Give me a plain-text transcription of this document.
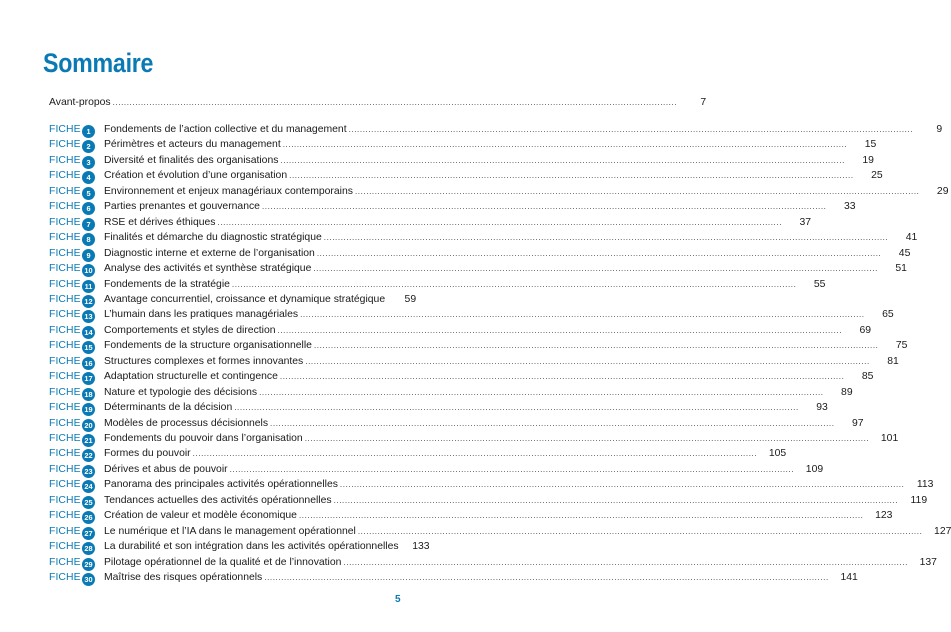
Sommaire
Avant-propos ........................................................................................................................................................................................................	7
FICHE 1	Fondements de l’action collective et du management ........................................................................................................................................................................................................	9
FICHE 2	Périmètres et acteurs du management ........................................................................................................................................................................................................	15
FICHE 3	Diversité et finalités des organisations ........................................................................................................................................................................................................	19
FICHE 4	Création et évolution d’une organisation ........................................................................................................................................................................................................	25
FICHE 5	Environnement et enjeux managériaux contemporains ........................................................................................................................................................................................................	29
FICHE 6	Parties prenantes et gouvernance ........................................................................................................................................................................................................	33
FICHE 7	RSE et dérives éthiques ........................................................................................................................................................................................................	37
FICHE 8	Finalités et démarche du diagnostic stratégique ........................................................................................................................................................................................................	41
FICHE 9	Diagnostic interne et externe de l’organisation ........................................................................................................................................................................................................	45
FICHE 10 Analyse des activités et synthèse stratégique ........................................................................................................................................................................................................	51
FICHE 11 Fondements de la stratégie ........................................................................................................................................................................................................	55
FICHE 12 Avantage concurrentiel, croissance et dynamique stratégique	59
FICHE 13 L’humain dans les pratiques managériales ........................................................................................................................................................................................................	65
FICHE 14 Comportements et styles de direction ........................................................................................................................................................................................................	69
FICHE 15 Fondements de la structure organisationnelle ........................................................................................................................................................................................................	75
FICHE 16 Structures complexes et formes innovantes ........................................................................................................................................................................................................	81
FICHE 17 Adaptation structurelle et contingence ........................................................................................................................................................................................................	85
FICHE 18 Nature et typologie des décisions ........................................................................................................................................................................................................	89
FICHE 19 Déterminants de la décision ........................................................................................................................................................................................................	93
FICHE 20 Modèles de processus décisionnels ........................................................................................................................................................................................................	97
FICHE 21 Fondements du pouvoir dans l’organisation ........................................................................................................................................................................................................	101
FICHE 22 Formes du pouvoir ........................................................................................................................................................................................................	105
FICHE 23 Dérives et abus de pouvoir ........................................................................................................................................................................................................	109
FICHE 24 Panorama des principales activités opérationnelles ........................................................................................................................................................................................................	113
FICHE 25 Tendances actuelles des activités opérationnelles ........................................................................................................................................................................................................	119
FICHE 26 Création de valeur et modèle économique ........................................................................................................................................................................................................	123
FICHE 27 Le numérique et l’IA dans le management opérationnel ........................................................................................................................................................................................................	127
FICHE 28 La durabilité et son intégration dans les activités opérationnelles	133
FICHE 29 Pilotage opérationnel de la qualité et de l’innovation ........................................................................................................................................................................................................	137
FICHE 30 Maîtrise des risques opérationnels ........................................................................................................................................................................................................	141
5
